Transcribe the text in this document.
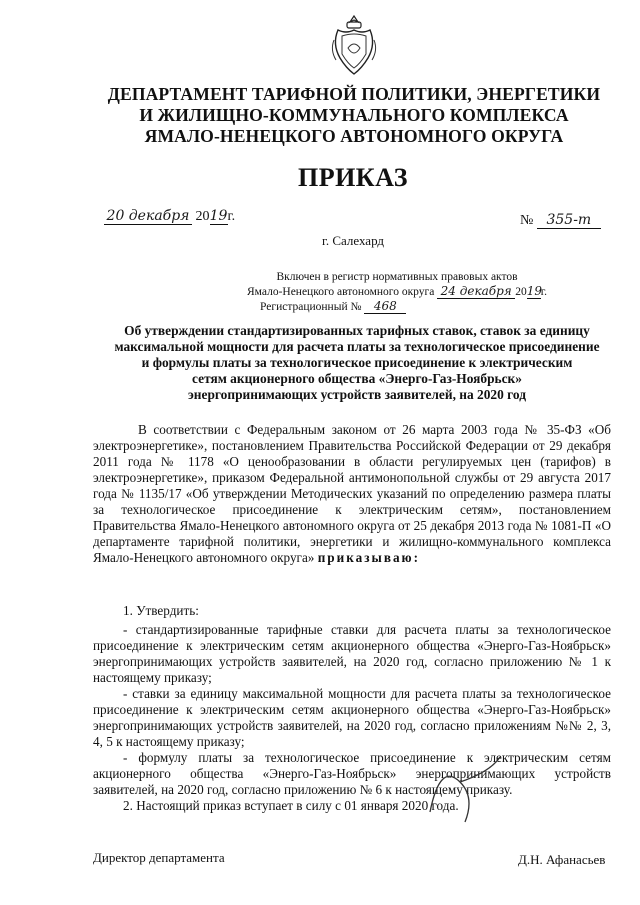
ДЕПАРТАМЕНТ ТАРИФНОЙ ПОЛИТИКИ, ЭНЕРГЕТИКИ
И ЖИЛИЩНО-КОММУНАЛЬНОГО КОМПЛЕКСА
ЯМАЛО-НЕНЕЦКОГО АВТОНОМНОГО ОКРУГА
ПРИКАЗ
20 декабря 2019г.	№ 355-т
г. Салехард
Включен в регистр нормативных правовых актов
Ямало-Ненецкого автономного округа 24 декабря 2019г.
Регистрационный № 468
Об утверждении стандартизированных тарифных ставок, ставок за единицу
максимальной мощности для расчета платы за технологическое присоединение
и формулы платы за технологическое присоединение к электрическим
сетям акционерного общества «Энерго-Газ-Ноябрьск»
энергопринимающих устройств заявителей, на 2020 год

В соответствии с Федеральным законом от 26 марта 2003 года № 35-ФЗ «Об электроэнергетике», постановлением Правительства Российской Федерации от 29 декабря 2011 года № 1178 «О ценообразовании в области регулируемых цен (тарифов) в электроэнергетике», приказом Федеральной антимонопольной службы от 29 августа 2017 года № 1135/17 «Об утверждении Методических указаний по определению размера платы за технологическое присоединение к электрическим сетям», постановлением Правительства Ямало-Ненецкого автономного округа от 25 декабря 2013 года № 1081-П «О департаменте тарифной политики, энергетики и жилищно-коммунального комплекса Ямало-Ненецкого автономного округа» приказываю:

1. Утвердить:

- стандартизированные тарифные ставки для расчета платы за технологическое присоединение к электрическим сетям акционерного общества «Энерго-Газ-Ноябрьск» энергопринимающих устройств заявителей, на 2020 год, согласно приложению № 1 к настоящему приказу;

- ставки за единицу максимальной мощности для расчета платы за технологическое присоединение к электрическим сетям акционерного общества «Энерго-Газ-Ноябрьск» энергопринимающих устройств заявителей, на 2020 год, согласно приложениям №№ 2, 3, 4, 5 к настоящему приказу;

- формулу платы за технологическое присоединение к электрическим сетям акционерного общества «Энерго-Газ-Ноябрьск» энергопринимающих устройств заявителей, на 2020 год, согласно приложению № 6 к настоящему приказу.

2. Настоящий приказ вступает в силу с 01 января 2020 года.

Директор департамента	Д.Н. Афанасьев
